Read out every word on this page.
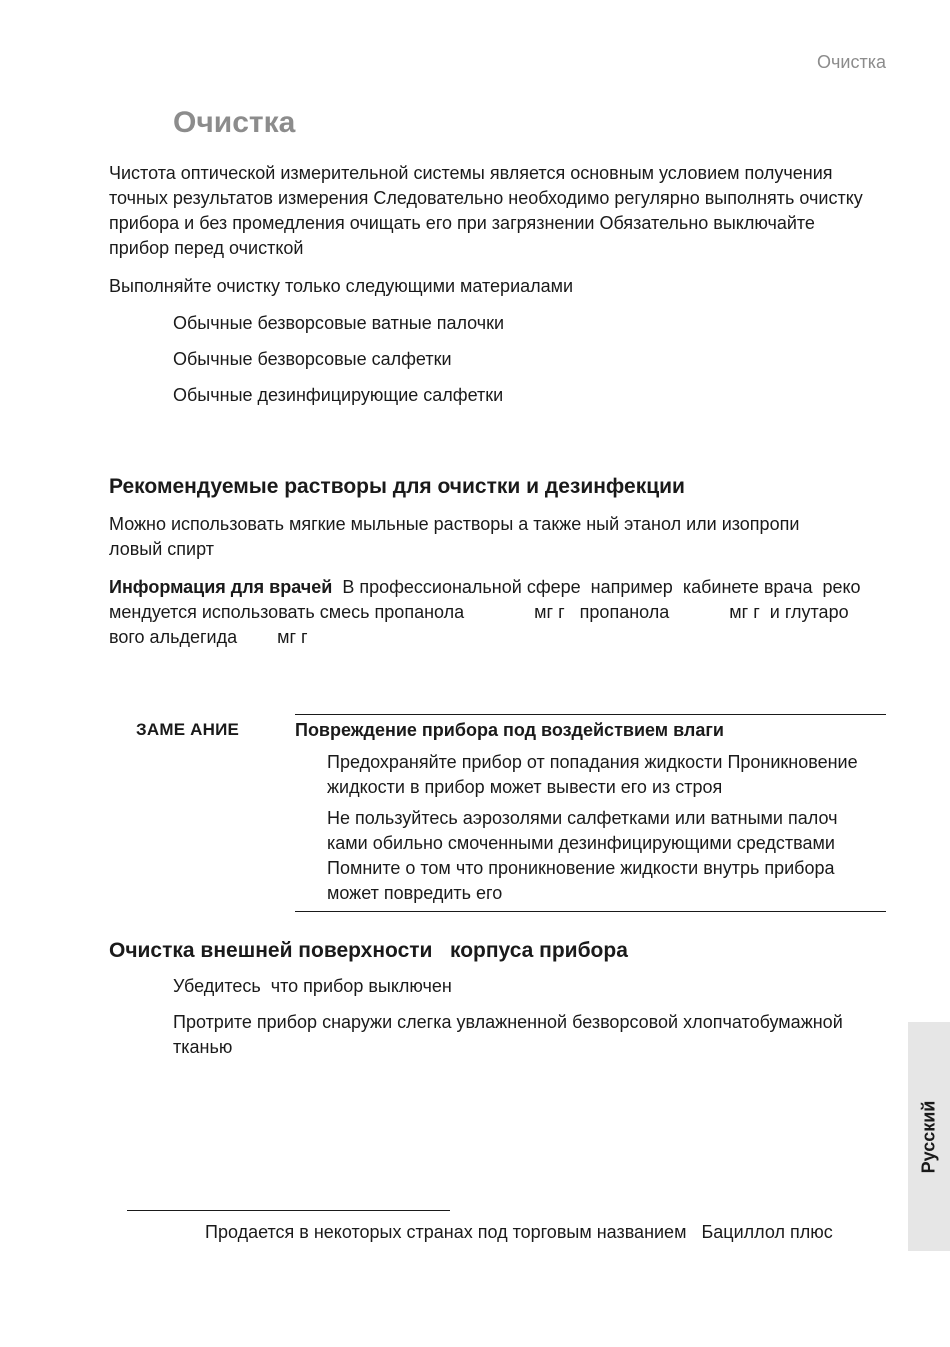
Очистка
Очистка
Чистота оптической измерительной системы является основным условием получения
точных результатов измерения Следовательно необходимо регулярно выполнять очистку
прибора и без промедления очищать его при загрязнении Обязательно выключайте
прибор перед очисткой
Выполняйте очистку только следующими материалами
Обычные безворсовые ватные палочки
Обычные безворсовые салфетки
Обычные дезинфицирующие салфетки
Рекомендуемые растворы для очистки и дезинфекции
Можно использовать мягкие мыльные растворы а также ный этанол или изопропи
ловый спирт
Информация для врачей  В профессиональной сфере  например  кабинете врача  реко
мендуется использовать смесь пропанола              мг г   пропанола            мг г  и глутаро
вого альдегида        мг г
ЗАМЕ АНИЕ	Повреждение прибора под воздействием влаги
Предохраняйте прибор от попадания жидкости Проникновение
жидкости в прибор может вывести его из строя
Не пользуйтесь аэрозолями салфетками или ватными палоч
ками обильно смоченными дезинфицирующими средствами
Помните о том что проникновение жидкости внутрь прибора
может повредить его
Очистка внешней поверхности   корпуса прибора
Убедитесь  что прибор выключен
Протрите прибор снаружи слегка увлажненной безворсовой хлопчатобумажной
тканью
Русский
Продается в некоторых странах под торговым названием   Бациллол плюс
